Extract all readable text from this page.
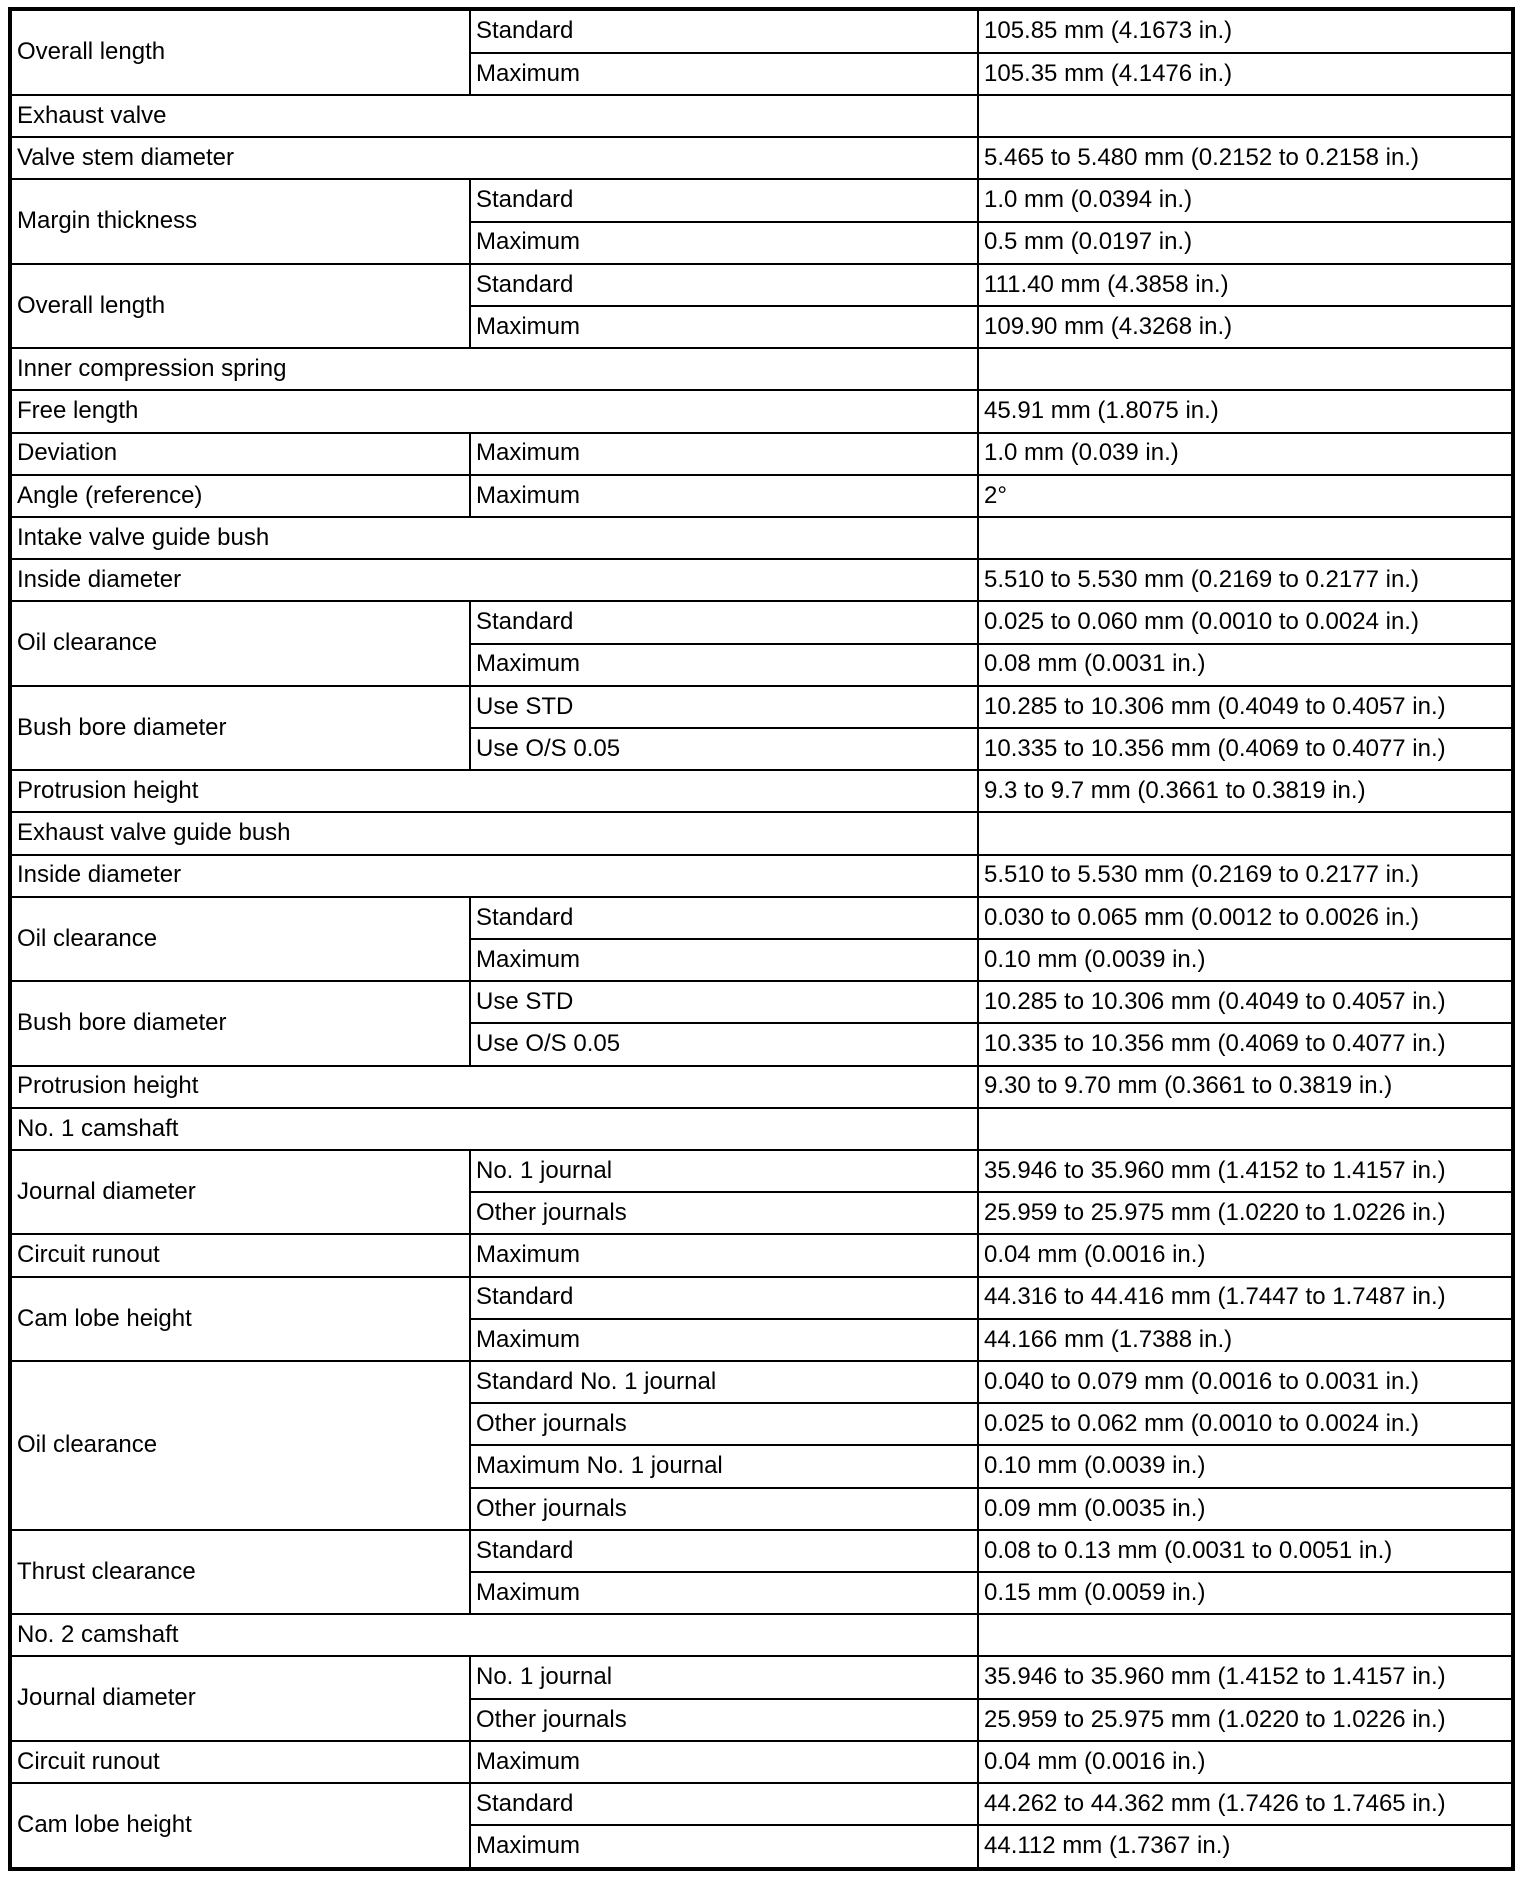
Overall length	Standard	105.85 mm (4.1673 in.)
	Maximum	105.35 mm (4.1476 in.)
Exhaust valve		
Valve stem diameter		5.465 to 5.480 mm (0.2152 to 0.2158 in.)
Margin thickness	Standard	1.0 mm (0.0394 in.)
	Maximum	0.5 mm (0.0197 in.)
Overall length	Standard	111.40 mm (4.3858 in.)
	Maximum	109.90 mm (4.3268 in.)
Inner compression spring		
Free length		45.91 mm (1.8075 in.)
Deviation	Maximum	1.0 mm (0.039 in.)
Angle (reference)	Maximum	2°
Intake valve guide bush		
Inside diameter		5.510 to 5.530 mm (0.2169 to 0.2177 in.)
Oil clearance	Standard	0.025 to 0.060 mm (0.0010 to 0.0024 in.)
	Maximum	0.08 mm (0.0031 in.)
Bush bore diameter	Use STD	10.285 to 10.306 mm (0.4049 to 0.4057 in.)
	Use O/S 0.05	10.335 to 10.356 mm (0.4069 to 0.4077 in.)
Protrusion height		9.3 to 9.7 mm (0.3661 to 0.3819 in.)
Exhaust valve guide bush		
Inside diameter		5.510 to 5.530 mm (0.2169 to 0.2177 in.)
Oil clearance	Standard	0.030 to 0.065 mm (0.0012 to 0.0026 in.)
	Maximum	0.10 mm (0.0039 in.)
Bush bore diameter	Use STD	10.285 to 10.306 mm (0.4049 to 0.4057 in.)
	Use O/S 0.05	10.335 to 10.356 mm (0.4069 to 0.4077 in.)
Protrusion height		9.30 to 9.70 mm (0.3661 to 0.3819 in.)
No. 1 camshaft		
Journal diameter	No. 1 journal	35.946 to 35.960 mm (1.4152 to 1.4157 in.)
	Other journals	25.959 to 25.975 mm (1.0220 to 1.0226 in.)
Circuit runout	Maximum	0.04 mm (0.0016 in.)
Cam lobe height	Standard	44.316 to 44.416 mm (1.7447 to 1.7487 in.)
	Maximum	44.166 mm (1.7388 in.)
Oil clearance	Standard No. 1 journal	0.040 to 0.079 mm (0.0016 to 0.0031 in.)
	Other journals	0.025 to 0.062 mm (0.0010 to 0.0024 in.)
	Maximum No. 1 journal	0.10 mm (0.0039 in.)
	Other journals	0.09 mm (0.0035 in.)
Thrust clearance	Standard	0.08 to 0.13 mm (0.0031 to 0.0051 in.)
	Maximum	0.15 mm (0.0059 in.)
No. 2 camshaft		
Journal diameter	No. 1 journal	35.946 to 35.960 mm (1.4152 to 1.4157 in.)
	Other journals	25.959 to 25.975 mm (1.0220 to 1.0226 in.)
Circuit runout	Maximum	0.04 mm (0.0016 in.)
Cam lobe height	Standard	44.262 to 44.362 mm (1.7426 to 1.7465 in.)
	Maximum	44.112 mm (1.7367 in.)
